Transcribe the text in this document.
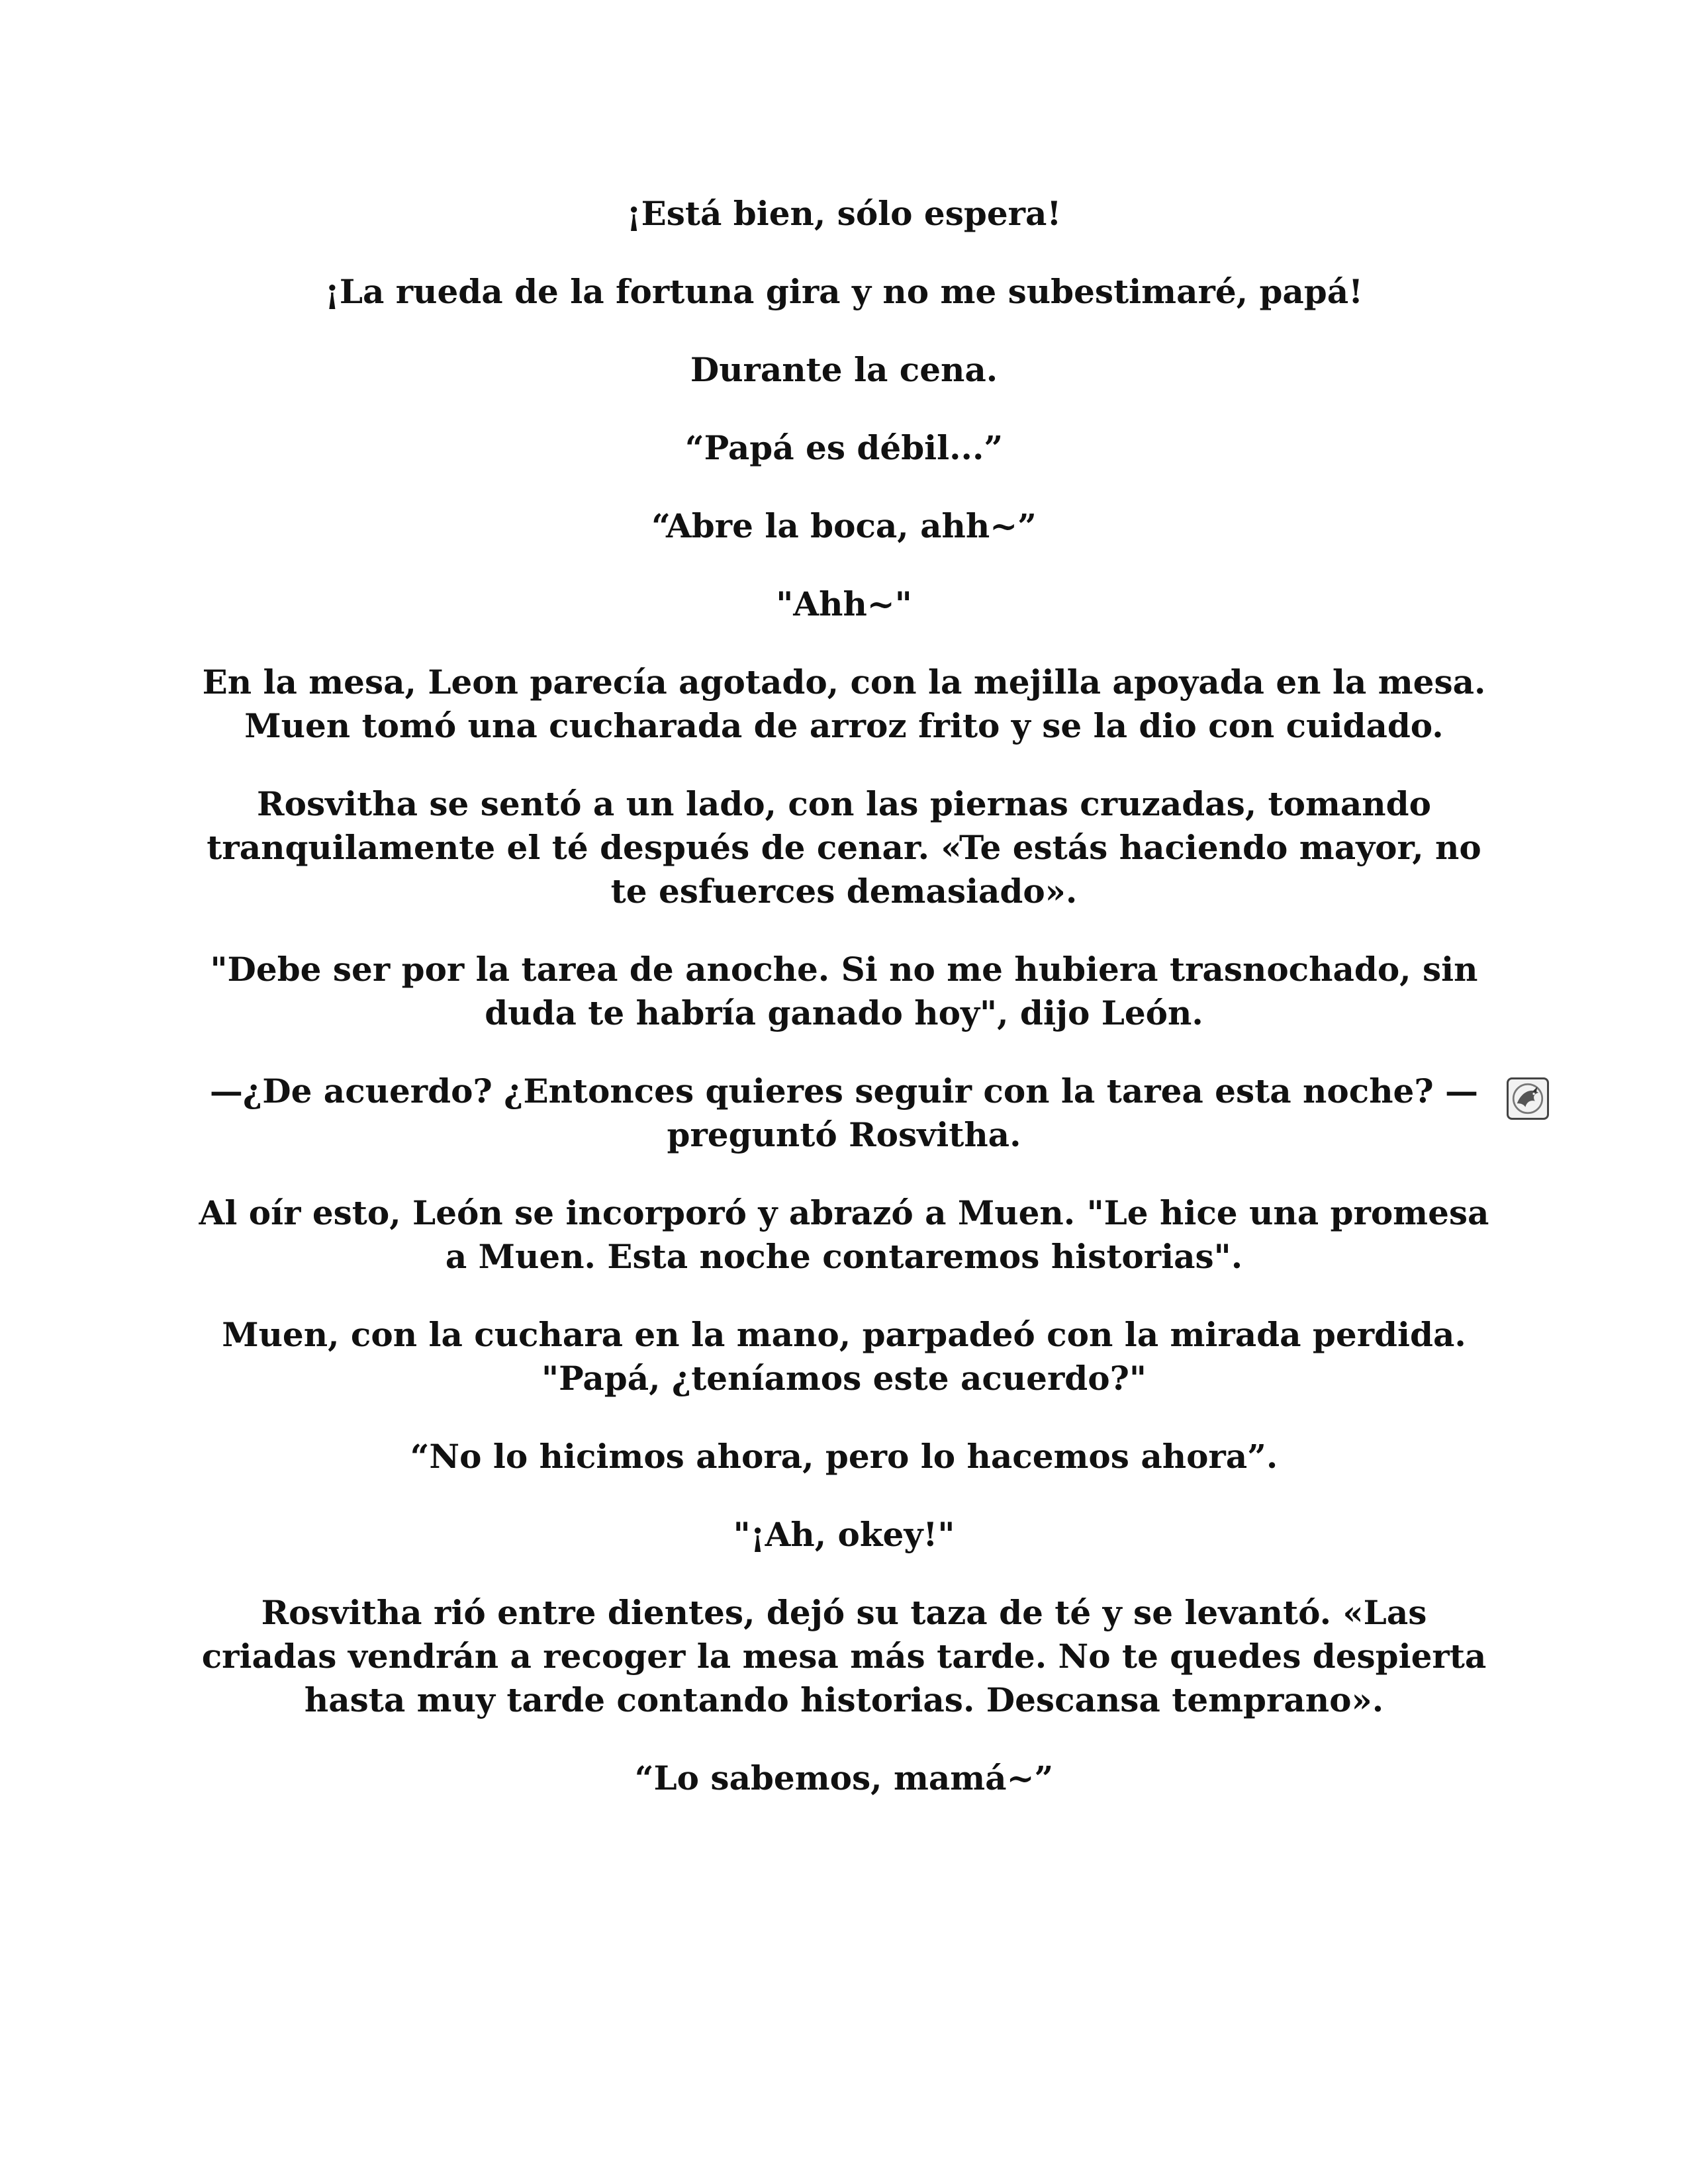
¡Está bien, sólo espera!

¡La rueda de la fortuna gira y no me subestimaré, papá!

Durante la cena.

“Papá es débil...”

“Abre la boca, ahh~”

"Ahh~"

En la mesa, Leon parecía agotado, con la mejilla apoyada en la mesa. Muen tomó una cucharada de arroz frito y se la dio con cuidado.

Rosvitha se sentó a un lado, con las piernas cruzadas, tomando tranquilamente el té después de cenar. «Te estás haciendo mayor, no te esfuerces demasiado».

"Debe ser por la tarea de anoche. Si no me hubiera trasnochado, sin duda te habría ganado hoy", dijo León.

—¿De acuerdo? ¿Entonces quieres seguir con la tarea esta noche? —preguntó Rosvitha.

Al oír esto, León se incorporó y abrazó a Muen. "Le hice una promesa a Muen. Esta noche contaremos historias".

Muen, con la cuchara en la mano, parpadeó con la mirada perdida. "Papá, ¿teníamos este acuerdo?"

“No lo hicimos ahora, pero lo hacemos ahora”.

"¡Ah, okey!"

Rosvitha rió entre dientes, dejó su taza de té y se levantó. «Las criadas vendrán a recoger la mesa más tarde. No te quedes despierta hasta muy tarde contando historias. Descansa temprano».

“Lo sabemos, mamá~”
